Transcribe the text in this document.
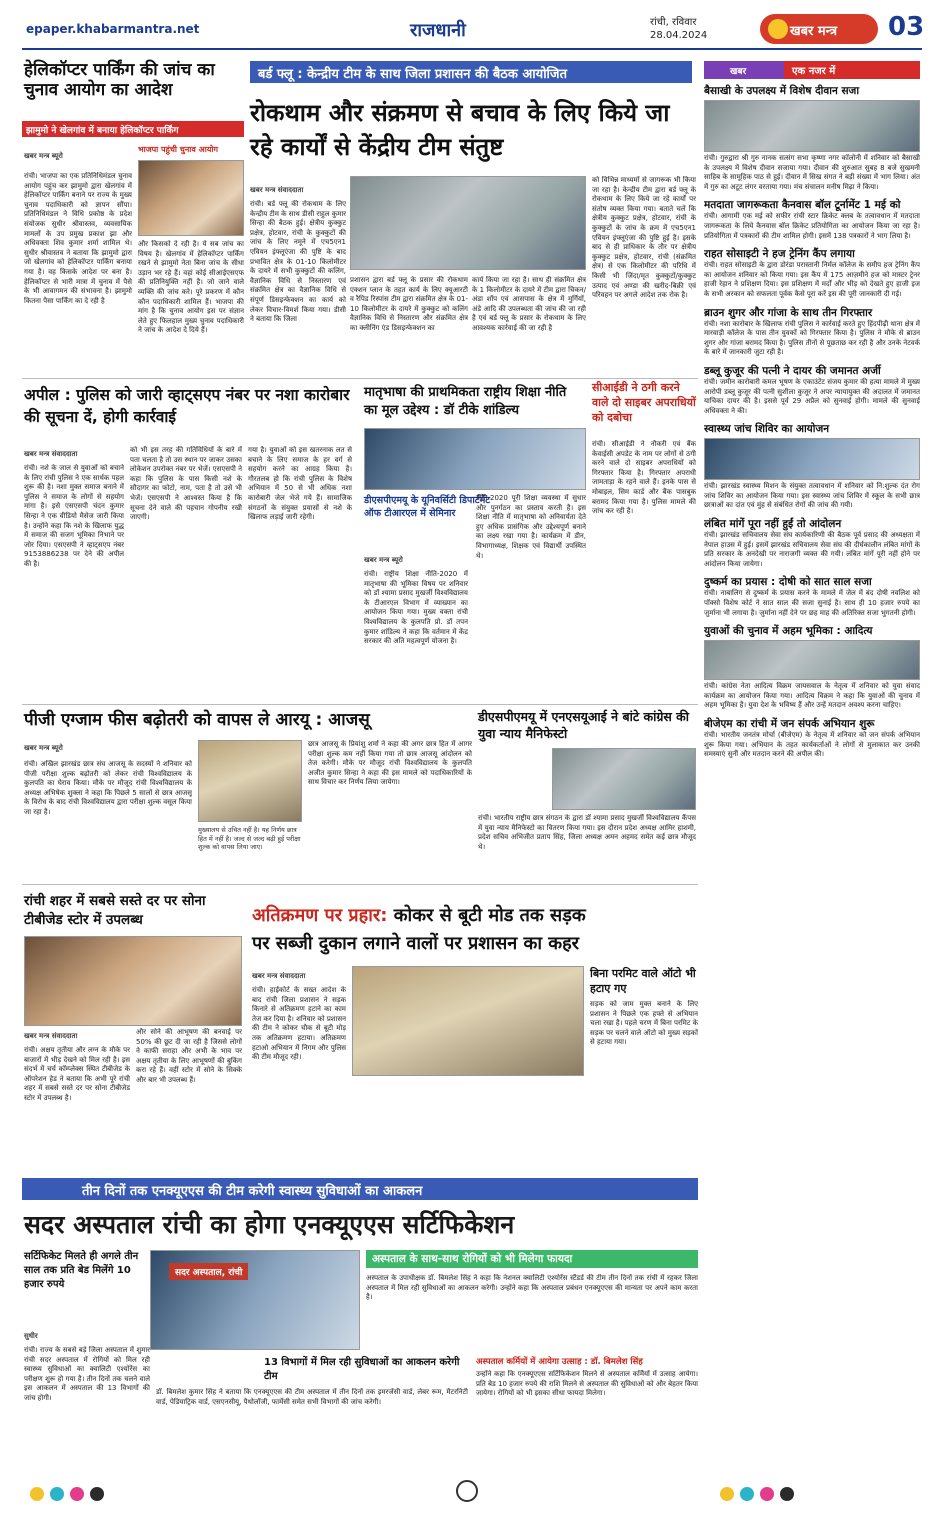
epaper.khabarmantra.net	राजधानी	रांची, रविवार
28.04.2024	खबर मन्त्र	03
हेलिकॉप्टर पार्किंग की जांच का चुनाव आयोग का आदेश
झामुमो ने खेलगांव में बनाया हेलिकॉप्टर पार्किंग
खबर मन्त्र ब्यूरो
भाजपा पहुंची चुनाव आयोग
रांची। भाजपा का एक प्रतिनिधिमंडल चुनाव आयोग पहुंच कर झामुमो द्वारा खेलगांव में हेलिकॉप्टर पार्किंग बनाने पर राज्य के मुख्य चुनाव पदाधिकारी को ज्ञापन सौंपा। प्रतिनिधिमंडल ने विधि प्रकोष्ठ के प्रदेश संयोजक सुधीर श्रीवास्तव, व्यवसायिक मामलों के उप प्रमुख प्रकाश झा और अधिवक्ता शिव कुमार शर्मा शामिल थे। सुधीर श्रीवास्तव ने बताया कि झामुमो द्वारा जो खेलगांव को हेलिकॉप्टर पार्किंग बनाया गया है। वह किसके आदेश पर बना है। हेलिकॉप्टर से भारी मात्रा में चुनाव में पैसे के भी आवागमन की संभावना है। झामुमो कितना पैसा पार्किंग का दे रही है
और किसको दे रही है। ये सब जांच का विषय है। खेलगांव में हेलिकॉप्टर पार्किंग रखने से झामुमो नेता बिना जांच के सीधा उड़ान भर रहे हैं। वहां कोई सीआईएसएफ की प्रतिनियुक्ति नहीं है। जो जाने वाले व्यक्ति की जांच करे। पूरे प्रकरण में कौन कौन पदाधिकारी शामिल हैं। भाजपा की मांग है कि चुनाव आयोग इस पर संज्ञान लेते हुए फिलहाल मुख्य चुनाव पदाधिकारी ने जांच के आदेश दे दिये हैं।
बर्ड फ्लू : केन्द्रीय टीम के साथ जिला प्रशासन की बैठक आयोजित
रोकथाम और संक्रमण से बचाव के लिए किये जा रहे कार्यों से केंद्रीय टीम संतुष्ट
खबर मन्त्र संवाददाता
रांची। बर्ड फ्लू की रोकथाम के लिए केन्द्रीय टीम के साथ डीसी राहुल कुमार सिन्हा की बैठक हुई। क्षेत्रीय कुक्कुट प्रक्षेत्र, होटवार, रांची के कुक्कुटों की जांच के लिए नमूने में एच5एन1 एवियन इंफ्लूएंजा की पुष्टि के बाद प्रभावित क्षेत्र के 01-10 किलोमीटर के दायरे में सभी कुक्कुटों की कलिंग, वैज्ञानिक विधि से निस्तारण एवं संक्रमित क्षेत्र का वैज्ञानिक विधि से संपूर्ण डिसइन्फेक्शन का कार्य को लेकर विचार-विमर्श किया गया। डीसी ने बताया कि जिला
प्रशासन द्वारा बर्ड फ्लू के प्रसार की रोकथाम एक्शन प्लान के तहत कार्य के लिए क्यूआरटी व रैपिड रिस्पांस टीम द्वारा संक्रमित क्षेत्र के 01-10 किलोमीटर के दायरे में कुक्कुट को कलिंग वैज्ञानिक विधि से निस्तारण और संक्रमित क्षेत्र का क्लीनिंग एंड डिसइन्फेक्शन का
कार्य किया जा रहा है। साथ ही संक्रमित क्षेत्र के 1 किलोमीटर के दायरे में टीम द्वारा चिकन/अंडा शॉप एवं आसपास के क्षेत्र में मुर्गियों, अंडे आदि की उपलब्धता की जांच की जा रही है एवं बर्ड फ्लू के प्रसार के रोकथाम के लिए आवश्यक कार्रवाई की जा रही है
को विभिन्न माध्यमों से जागरूक भी किया जा रहा है। केन्द्रीय टीम द्वारा बर्ड फ्लू के रोकथाम के लिए किये जा रहे कार्यों पर संतोष व्यक्त किया गया। बताते चलें कि क्षेत्रीय कुक्कुट प्रक्षेत्र, होटवार, रांची के कुक्कुटों के जांच के क्रम में एच5एन1 एवियन इंफ्लूएंजा की पुष्टि हुई है। इसके बाद से ही प्राधिकार के तौर पर क्षेत्रीय कुक्कुट प्रक्षेत्र, होटवार, रांची (संक्रमित क्षेत्र) से एक किलोमीटर की परिधि में किसी भी जिंदा/मृत कुक्कुटों/कुक्कुट उत्पाद एवं अण्डा की खरीद-बिक्री एवं परिवहन पर अगले आदेश तक रोक है।
खबर	एक नजर में
बैसाखी के उपलक्ष्य में विशेष दीवान सजा
रांची। गुरुद्वारा श्री गुरु नानक सत्संग सभा कृष्णा नगर कॉलोनी में शनिवार को बैसाखी के उपलक्ष्य में विशेष दीवान सजाया गया। दीवान की शुरुआत सुबह 8 बजे सुखमनी साहिब के सामूहिक पाठ से हुई। दीवान में सिख संगत ने बड़ी संख्या में भाग लिया। अंत में गुरु का अटूट लंगर वरताया गया। मंच संचालन मनीष मिढ़ा ने किया।
मतदाता जागरूकता कैनवास बॉल टूर्नामेंट 1 मई को
रांची। आगामी एक मई को सफीर रांची स्टार क्रिकेट क्लब के तत्वावधान में मतदाता जागरूकता के लिये कैनवास बॉल क्रिकेट प्रतियोगिता का आयोजन किया जा रहा है। प्रतियोगिता में पत्रकारों की टीम शामिल होगी। इसमें 138 पत्रकारों ने भाग लिया है।
राहत सोसाइटी ने हज ट्रेनिंग कैंप लगाया
रांची। राहत सोसाइटी के द्वारा डोरंडा परास्तानी निर्मल कॉलेज के समीप हज ट्रेनिंग कैंप का आयोजन शनिवार को किया गया। इस कैंप में 175 आज़मीने हज को मास्टर ट्रेनर हाजी रेहान ने प्रशिक्षण दिया। इस प्रशिक्षण में मर्दों और भीड़ को देखते हुए हाजी इज के सभी अरकान को सफलता पूर्वक कैसे पूरा करें इस की पूरी जानकारी दी गई।
ब्राउन शुगर और गांजा के साथ तीन गिरफ्तार
रांची। नशा कारोबार के खिलाफ रांची पुलिस ने कार्रवाई करते हुए हिंदपीढ़ी थाना क्षेत्र में मारवाड़ी कॉलेज के पास तीन युवकों को गिरफ्तार किया है। पुलिस ने मौके से ब्राउन शुगर और गांजा बरामद किया है। पुलिस तीनों से पूछताछ कर रही है और उनके नेटवर्क के बारे में जानकारी जुटा रही है।
डब्लू कुजूर की पत्नी ने दायर की जमानत अर्जी
रांची। जमीन कारोबारी कमल भूषण के एकाउंटेंट संजय कुमार की हत्या मामले में मुख्य आरोपी डब्लू कुजूर की पत्नी सुशीला कुजूर ने अपर न्यायायुक्त की अदालत में जमानत याचिका दायर की है। इससे पूर्व 29 अप्रैल को सुनवाई होगी। मामले की सुनवाई अधिवक्ता ने की।
स्वास्थ्य जांच शिविर का आयोजन
रांची। झारखंड स्वास्थ्य मिशन के संयुक्त तत्वावधान में शनिवार को नि:शुल्क दंत रोग जांच शिविर का आयोजन किया गया। इस स्वास्थ्य जांच शिविर में स्कूल के सभी छात्र छात्राओं का दांत एवं मुंह से संबंधित रोगों की जांच की गयी।
लंबित मांगें पूरा नहीं हुईं तो आंदोलन
रांची। झारखंड सचिवालय सेवा संघ कार्यकारिणी की बैठक पूर्व प्रसाद की अध्यक्षता में नेपाल हाउस में हुई। इसमें झारखंड सचिवालय सेवा संघ की दीर्घकालीन लंबित मांगों के प्रति सरकार के अनदेखी पर नाराजगी व्यक्त की गयी। लंबित मांगें पूरी नहीं होने पर आंदोलन किया जायेगा।
दुष्कर्म का प्रयास : दोषी को सात साल सजा
रांची। नाबालिग से दुष्कर्म के प्रयास करने के मामले में जेल में बंद दोषी नवलिश को पॉक्सो विशेष कोर्ट ने सात साल की सजा सुनाई है। साथ ही 10 हजार रुपये का जुर्माना भी लगाया है। जुर्माना नहीं देने पर छह माह की अतिरिक्त सजा भुगतनी होगी।
युवाओं की चुनाव में अहम भूमिका : आदित्य
रांची। कांग्रेस नेता आदित्य विक्रम जायसवाल के नेतृत्व में शनिवार को युवा संवाद कार्यक्रम का आयोजन किया गया। आदित्य विक्रम ने कहा कि युवाओं की चुनाव में अहम भूमिका है। युवा देश के भविष्य हैं और उन्हें मतदान अवश्य करना चाहिए।
बीजेएम का रांची में जन संपर्क अभियान शुरू
रांची। भारतीय जनतंत्र मोर्चा (बीजेएम) के नेतृत्व में शनिवार को जन संपर्क अभियान शुरू किया गया। अभियान के तहत कार्यकर्ताओं ने लोगों से मुलाकात कर उनकी समस्याएं सुनीं और मतदान करने की अपील की।
अपील : पुलिस को जारी व्हाट्सएप नंबर पर नशा कारोबार की सूचना दें, होगी कार्रवाई
खबर मन्त्र संवाददाता
रांची। नशे के जाल से युवाओं को बचाने के लिए रांची पुलिस ने एक सार्थक पहल शुरू की है। नशा मुक्त समाज बनाने में पुलिस ने समाज के लोगों से सहयोग मांगा है। इसे एसएसपी चंदन कुमार सिन्हा ने एक वीडियो मैसेज जारी किया है। उन्होंने कहा कि नशे के खिलाफ युद्ध में समाज की सजग भूमिका निभाने पर जोर दिया। एसएसपी ने व्हाट्सएप नंबर 9153886238 पर देने की अपील की है।
को भी इस तरह की गतिविधियों के बारे में पता चलता है तो उस स्थान पर जाकर उसका लोकेशन उपरोक्त नंबर पर भेजें। एसएसपी ने कहा कि पुलिस के पास किसी नशे के सौदागर का फोटो, नाम, पता है तो उसे भी भेजें। एसएसपी ने आश्वस्त किया है कि सूचना देने वाले की पहचान गोपनीय रखी जाएगी।
गया है। युवाओं को इस खतरनाक लत से बचाने के लिए समाज के हर वर्ग से सहयोग करने का आग्रह किया है। गौरतलब हो कि रांची पुलिस के विशेष अभियान में 50 से भी अधिक नशा कारोबारी जेल भेजे गये हैं। सामाजिक संगठनों के संयुक्त प्रयासों से नशे के खिलाफ लड़ाई जारी रहेगी।
मातृभाषा की प्राथमिकता राष्ट्रीय शिक्षा नीति का मूल उद्देश्य : डॉ टीके शांडिल्य
डीएसपीएमयू के यूनिवर्सिटी डिपार्टमेंट ऑफ टीआरएल में सेमिनार
खबर मन्त्र ब्यूरो
रांची। राष्ट्रीय शिक्षा नीति-2020 में मातृभाषा की भूमिका विषय पर शनिवार को डॉ श्यामा प्रसाद मुखर्जी विश्वविद्यालय के टीआरएल विभाग में व्याख्यान का आयोजन किया गया। मुख्य वक्ता रांची विश्वविद्यालय के कुलपति प्रो. डॉ तपन कुमार शांडिल्य ने कहा कि वर्तमान में केंद्र सरकार की अति महत्वपूर्ण योजना है।
नीति-2020 पूरी शिक्षा व्यवस्था में सुधार और पुनर्गठन का प्रस्ताव करती है। इस शिक्षा नीति में मातृभाषा को अनिवार्यता देते हुए अधिक प्रासंगिक और उद्देश्यपूर्ण बनाने का लक्ष्य रखा गया है। कार्यक्रम में डीन, विभागाध्यक्ष, शिक्षक एवं विद्यार्थी उपस्थित थे।
सीआईडी ने ठगी करने वाले दो साइबर अपराधियों को दबोचा
रांची। सीआईडी ने नौकरी एवं बैंक केवाईसी अपडेट के नाम पर लोगों से ठगी करने वाले दो साइबर अपराधियों को गिरफ्तार किया है। गिरफ्तार अपराधी जामताड़ा के रहने वाले हैं। इनके पास से मोबाइल, सिम कार्ड और बैंक पासबुक बरामद किया गया है। पुलिस मामले की जांच कर रही है।
पीजी एग्जाम फीस बढ़ोतरी को वापस ले आरयू : आजसू
खबर मन्त्र ब्यूरो
रांची। अखिल झारखंड छात्र संघ आजसू के सदस्यों ने शनिवार को पीजी परीक्षा शुल्क बढ़ोतरी को लेकर रांची विश्वविद्यालय के कुलपति का घेराव किया। मौके पर मौजूद रांची विश्वविद्यालय के अध्यक्ष अभिषेक शुक्ला ने कहा कि पिछले 5 सालों से छात्र आजसू के विरोध के बाद रांची विश्वविद्यालय द्वारा परीक्षा शुल्क वसूल किया जा रहा है।
मुख्यालय से उचित नहीं है। यह निर्णय छात्र हित में नहीं है। जल्द से जल्द बढ़ी हुई परीक्षा शुल्क को वापस लिया जाए।
छात्र आजसू के प्रियांशु शर्मा ने कहा की अगर छात्र हित में आगर परीक्षा शुल्क कम नहीं किया गया तो छात्र आजसू आंदोलन को तेज करेगी। मौके पर मौजूद रांची विश्वविद्यालय के कुलपति अजीत कुमार सिन्हा ने कहा की इस मामले को पदाधिकारियों के साथ विचार कर निर्णय लिया जायेगा।
डीएसपीएमयू में एनएसयूआई ने बांटे कांग्रेस की युवा न्याय मैनिफेस्टो
रांची। भारतीय राष्ट्रीय छात्र संगठन के द्वारा डॉ श्यामा प्रसाद मुखर्जी विश्वविद्यालय कैंपस में युवा न्याय मैनिफेस्टो का वितरण किया गया। इस दौरान प्रदेश अध्यक्ष आमिर हाशमी, प्रदेश सचिव अभिजीत प्रताप सिंह, जिला अध्यक्ष अमन अहमद समेत कई छात्र मौजूद थे।
रांची शहर में सबसे सस्ते दर पर सोना टीबीजेड स्टोर में उपलब्ध
खबर मन्त्र संवाददाता
रांची। अक्षय तृतीया और लग्न के मौके पर बाजारों में भीड़ देखने को मिल रही है। इस संदर्भ में चर्च कॉम्प्लेक्स स्थित टीबीजेड के ऑपरेशन हेड ने बताया कि अभी पूरे रांची शहर में सबसे सस्ते दर पर सोना टीबीजेड स्टोर में उपलब्ध है।
और सोने की आभूषण की बनवाई पर 50% की छूट दी जा रही है जिससे लोगों ने काफी सराहा और अभी के भाव पर अक्षय तृतीया के लिए आभूषणों की बुकिंग करा रहे हैं। वहीं स्टोर में सोने के सिक्के और बार भी उपलब्ध हैं।
अतिक्रमण पर प्रहार: कोकर से बूटी मोड तक सड़क
पर सब्जी दुकान लगाने वालों पर प्रशासन का कहर
खबर मन्त्र संवाददाता
रांची। हाईकोर्ट के सख्त आदेश के बाद रांची जिला प्रशासन ने सड़क किनारे से अतिक्रमण हटाने का काम तेज कर दिया है। शनिवार को प्रशासन की टीम ने कोकर चौक से बूटी मोड़ तक अतिक्रमण हटाया। अतिक्रमण हटाओ अभियान में निगम और पुलिस की टीम मौजूद रही।
बिना परमिट वाले ऑटो भी हटाए गए
सड़क को जाम मुक्त बनाने के लिए प्रशासन ने पिछले एक हफ्ते से अभियान चला रखा है। पहले चरण में बिना परमिट के सड़क पर चलने वाले ऑटो को मुख्य सड़कों से हटाया गया।
तीन दिनों तक एनक्यूएएस की टीम करेगी स्वास्थ्य सुविधाओं का आकलन
सदर अस्पताल रांची का होगा एनक्यूएएस सर्टिफिकेशन
सर्टिफिकेट मिलते ही अगले तीन साल तक प्रति बेड मिलेंगे 10 हजार रुपये
सदर अस्पताल, रांची
अस्पताल के साथ-साथ रोगियों को भी मिलेगा फायदा
सुधीर
रांची। राज्य के सबसे बड़े जिला अस्पताल में शुमार रांची सदर अस्पताल में रोगियों को मिल रही स्वास्थ्य सुविधाओं का क्वालिटी एश्योरेंस का परीक्षण शुरू हो गया है। तीन दिनों तक चलने वाले इस आकलन में अस्पताल की 13 विभागों की जांच होगी।
अस्पताल के उपाधीक्षक डॉ. बिमलेश सिंह ने कहा कि नेशनल क्वालिटी एश्योरेंस स्टैंडर्ड की टीम तीन दिनों तक रांची में रहकर जिला अस्पताल में मिल रही सुविधाओं का आकलन करेगी। उन्होंने कहा कि अस्पताल प्रबंधन एनक्यूएएस की मान्यता पर अपने काम करता है।
13 विभागों में मिल रही सुविधाओं का आकलन करेगी टीम
डॉ. बिमलेश कुमार सिंह ने बताया कि एनक्यूएएस की टीम अस्पताल में तीन दिनों तक इमरजेंसी वार्ड, लेबर रूम, मैटरनिटी वार्ड, पेडियाट्रिक वार्ड, एसएनसीयू, पैथोलॉजी, फार्मेसी समेत सभी विभागों की जांच करेगी।
अस्पताल कर्मियों में आयेगा उत्साह : डॉ. बिमलेश सिंह
उन्होंने कहा कि एनक्यूएएस सर्टिफिकेशन मिलने से अस्पताल कर्मियों में उत्साह आयेगा। प्रति बेड 10 हजार रुपये की राशि मिलने से अस्पताल की सुविधाओं को और बेहतर किया जायेगा। रोगियों को भी इसका सीधा फायदा मिलेगा।
